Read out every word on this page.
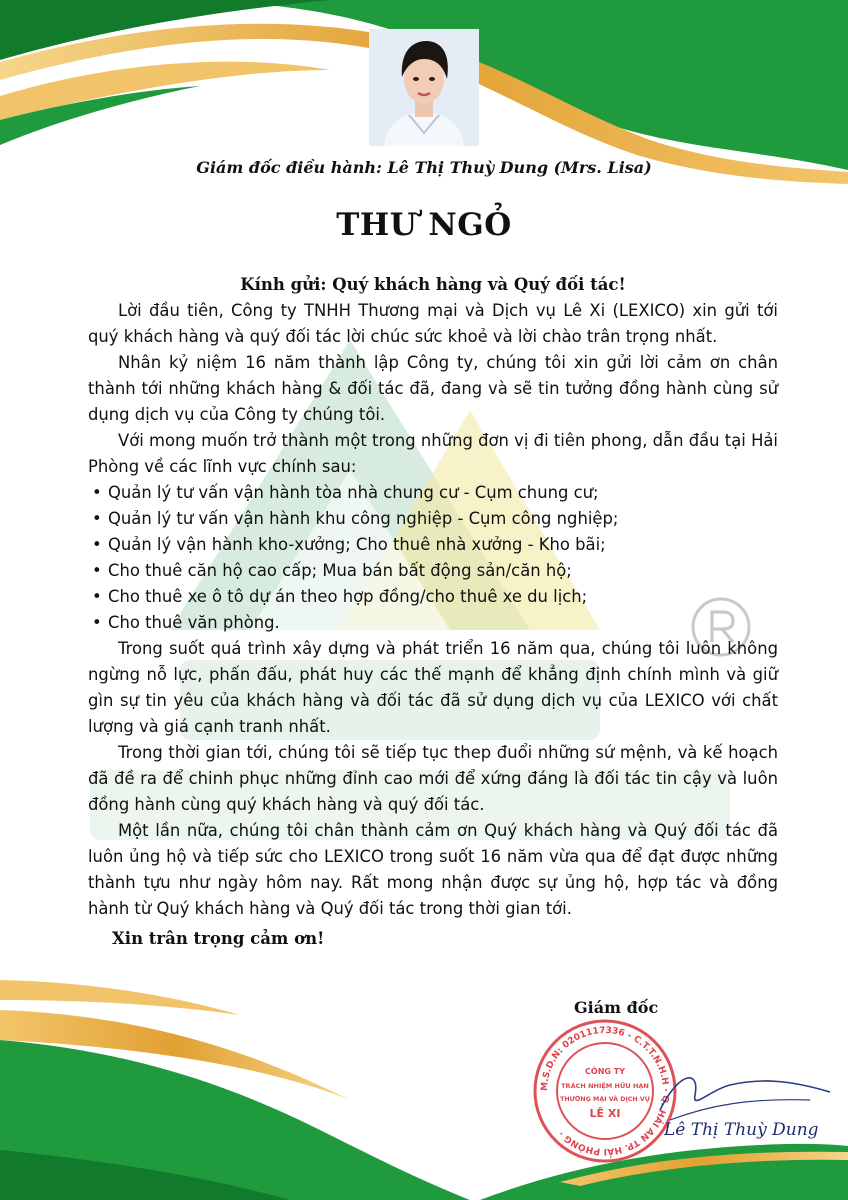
Giám đốc điều hành: Lê Thị Thuỳ Dung (Mrs. Lisa)
THƯ NGỎ

Kính gửi: Quý khách hàng và Quý đối tác!

Lời đầu tiên, Công ty TNHH Thương mại và Dịch vụ Lê Xi (LEXICO) xin gửi tới quý khách hàng và quý đối tác lời chúc sức khoẻ và lời chào trân trọng nhất.

Nhân kỷ niệm 16 năm thành lập Công ty, chúng tôi xin gửi lời cảm ơn chân thành tới những khách hàng & đối tác đã, đang và sẽ tin tưởng đồng hành cùng sử dụng dịch vụ của Công ty chúng tôi.

Với mong muốn trở thành một trong những đơn vị đi tiên phong, dẫn đầu tại Hải Phòng về các lĩnh vực chính sau:

• Quản lý tư vấn vận hành tòa nhà chung cư - Cụm chung cư;
• Quản lý tư vấn vận hành khu công nghiệp - Cụm công nghiệp;
• Quản lý vận hành kho-xưởng; Cho thuê nhà xưởng - Kho bãi;
• Cho thuê căn hộ cao cấp; Mua bán bất động sản/căn hộ;
• Cho thuê xe ô tô dự án theo hợp đồng/cho thuê xe du lịch;
• Cho thuê văn phòng.

Trong suốt quá trình xây dựng và phát triển 16 năm qua, chúng tôi luôn không ngừng nỗ lực, phấn đấu, phát huy các thế mạnh để khẳng định chính mình và giữ gìn sự tin yêu của khách hàng và đối tác đã sử dụng dịch vụ của LEXICO với chất lượng và giá cạnh tranh nhất.

Trong thời gian tới, chúng tôi sẽ tiếp tục thep đuổi những sứ mệnh, và kế hoạch đã đề ra để chinh phục những đỉnh cao mới để xứng đáng là đối tác tin cậy và luôn đồng hành cùng quý khách hàng và quý đối tác.

Một lần nữa, chúng tôi chân thành cảm ơn Quý khách hàng và Quý đối tác đã luôn ủng hộ và tiếp sức cho LEXICO trong suốt 16 năm vừa qua để đạt được những thành tựu như ngày hôm nay. Rất mong nhận được sự ủng hộ, hợp tác và đồng hành từ Quý khách hàng và Quý đối tác trong thời gian tới.

Xin trân trọng cảm ơn!

Giám đốc
M.S.D.N: 0201117336 - C.T.T.N.H.H · Q. HẢI AN TP. HẢI PHÒNG ·
CÔNG TY
TRÁCH NHIỆM HỮU HẠN
THƯƠNG MẠI VÀ DỊCH VỤ
LÊ XI
Lê Thị Thuỳ Dung
